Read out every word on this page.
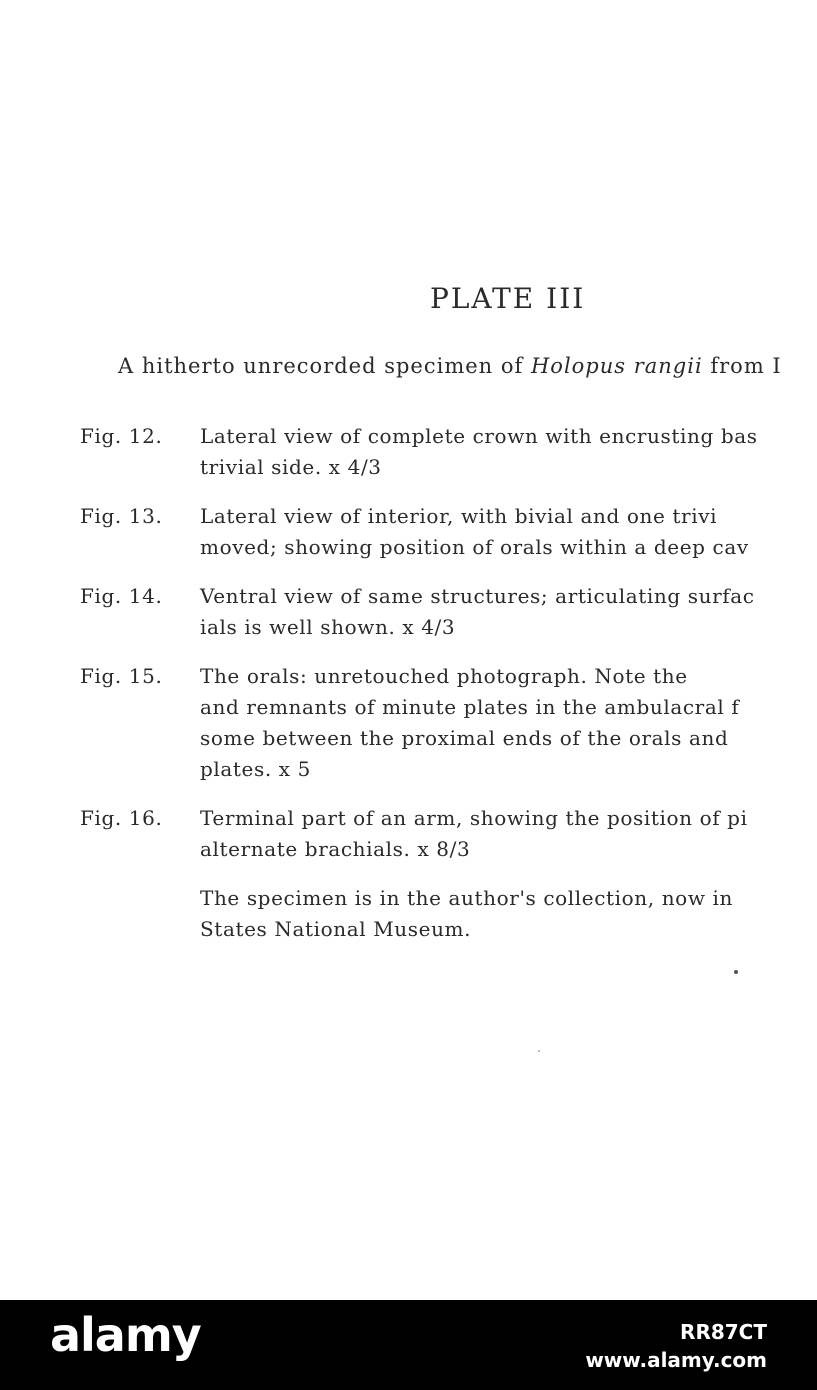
PLATE III
A hitherto unrecorded specimen of Holopus rangii from I
Fig. 12.	Lateral view of complete crown with encrusting bas
trivial side. x 4/3
Fig. 13.	Lateral view of interior, with bivial and one trivi
moved; showing position of orals within a deep cav
Fig. 14.	Ventral view of same structures; articulating surfac
ials is well shown. x 4/3
Fig. 15.	The orals: unretouched photograph. Note the
and remnants of minute plates in the ambulacral f
some between the proximal ends of the orals and
plates. x 5
Fig. 16.	Terminal part of an arm, showing the position of pi
alternate brachials. x 8/3
The specimen is in the author's collection, now in
States National Museum.
alamy	RR87CT
www.alamy.com
